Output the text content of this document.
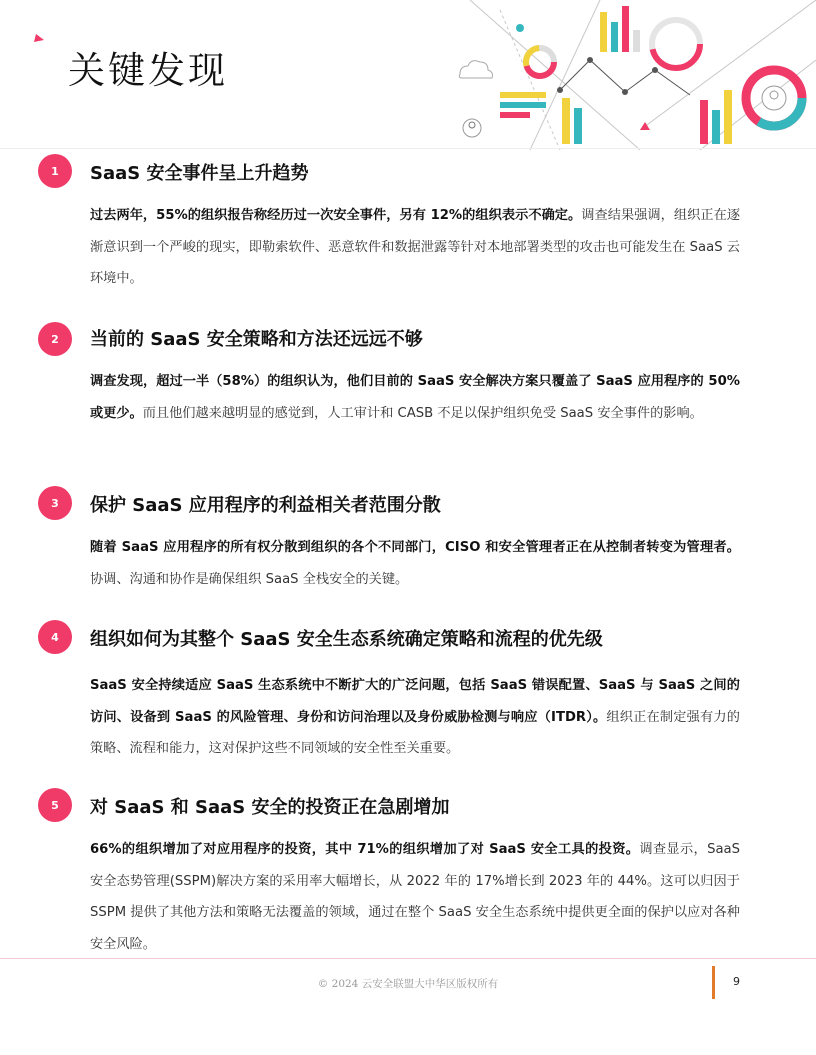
关键发现
1	SaaS 安全事件呈上升趋势
过去两年，55%的组织报告称经历过一次安全事件，另有 12%的组织表示不确定。调查结果强调，组织正在逐渐意识到一个严峻的现实，即勒索软件、恶意软件和数据泄露等针对本地部署类型的攻击也可能发生在 SaaS 云环境中。
2	当前的 SaaS 安全策略和方法还远远不够
调查发现，超过一半（58%）的组织认为，他们目前的 SaaS 安全解决方案只覆盖了 SaaS 应用程序的 50%或更少。而且他们越来越明显的感觉到，人工审计和 CASB 不足以保护组织免受 SaaS 安全事件的影响。
3	保护 SaaS 应用程序的利益相关者范围分散
随着 SaaS 应用程序的所有权分散到组织的各个不同部门，CISO 和安全管理者正在从控制者转变为管理者。协调、沟通和协作是确保组织 SaaS 全栈安全的关键。
4	组织如何为其整个 SaaS 安全生态系统确定策略和流程的优先级
SaaS 安全持续适应 SaaS 生态系统中不断扩大的广泛问题，包括 SaaS 错误配置、SaaS 与 SaaS 之间的访问、设备到 SaaS 的风险管理、身份和访问治理以及身份威胁检测与响应（ITDR）。组织正在制定强有力的策略、流程和能力，这对保护这些不同领域的安全性至关重要。
5	对 SaaS 和 SaaS 安全的投资正在急剧增加
66%的组织增加了对应用程序的投资，其中 71%的组织增加了对 SaaS 安全工具的投资。调查显示，SaaS 安全态势管理(SSPM)解决方案的采用率大幅增长，从 2022 年的 17%增长到 2023 年的 44%。这可以归因于 SSPM 提供了其他方法和策略无法覆盖的领域，通过在整个 SaaS 安全生态系统中提供更全面的保护以应对各种安全风险。
© 2024 云安全联盟大中华区版权所有	9
